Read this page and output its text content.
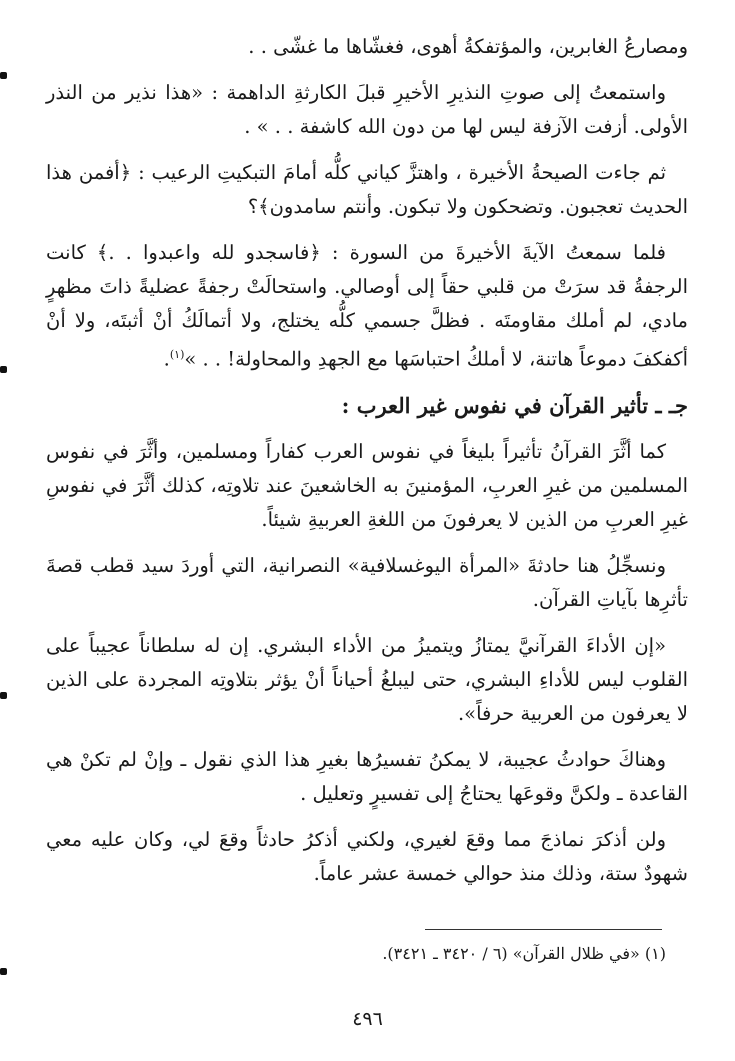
ومصارعُ الغابرين، والمؤتفكةُ أهوى، فغشّاها ما غشّى . .

واستمعتُ إلى صوتِ النذيرِ الأخيرِ قبلَ الكارثةِ الداهمة : «هذا نذير من النذر الأولى. أزفت الآزفة ليس لها من دون الله كاشفة . . » .

ثم جاءت الصيحةُ الأخيرة ، واهتزَّ كياني كلُّه أمامَ التبكيتِ الرعيب : ﴿أفمن هذا الحديث تعجبون. وتضحكون ولا تبكون. وأنتم سامدون﴾؟

فلما سمعتُ الآيةَ الأخيرةَ من السورة : ﴿فاسجدو لله واعبدوا . .﴾ كانت الرجفةُ قد سرَتْ من قلبي حقاً إلى أوصالي. واستحالَتْ رجفةً عضليةً ذاتَ مظهرٍ مادي، لم أملك مقاومتَه . فظلَّ جسمي كلُّه يختلج، ولا أتمالَكُ أنْ أثبتَه، ولا أنْ أكفكفَ دموعاً هاتنة، لا أملكُ احتباسَها مع الجهدِ والمحاولة! . . »$^{(١)}$.

جـ ـ تأثير القرآن في نفوس غير العرب :

كما أثَّرَ القرآنُ تأثيراً بليغاً في نفوس العرب كفاراً ومسلمين، وأثَّرَ في نفوس المسلمين من غيرِ العربِ، المؤمنينَ به الخاشعينَ عند تلاوتِه، كذلك أثَّرَ في نفوسِ غيرِ العربِ من الذين لا يعرفونَ من اللغةِ العربيةِ شيئاً.

ونسجِّلُ هنا حادثةَ «المرأة اليوغسلافية» النصرانية، التي أوردَ سيد قطب قصةَ تأثرِها بآياتِ القرآن.

«إن الأداءَ القرآنيَّ يمتازُ ويتميزُ من الأداء البشري. إن له سلطاناً عجيباً على القلوب ليس للأداءِ البشري، حتى ليبلغُ أحياناً أنْ يؤثر بتلاوتِه المجردة على الذين لا يعرفون من العربية حرفاً».

وهناكَ حوادثُ عجيبة، لا يمكنُ تفسيرُها بغيرِ هذا الذي نقول ـ وإنْ لم تكنْ هي القاعدة ـ ولكنَّ وقوعَها يحتاجُ إلى تفسيرٍ وتعليل .

ولن أذكرَ نماذجَ مما وقعَ لغيري، ولكني أذكرُ حادثاً وقعَ لي، وكان عليه معي شهودٌ ستة، وذلك منذ حوالي خمسة عشر عاماً.

(١) «في ظلال القرآن» (٦ / ٣٤٢٠ ـ ٣٤٢١).
٤٩٦
